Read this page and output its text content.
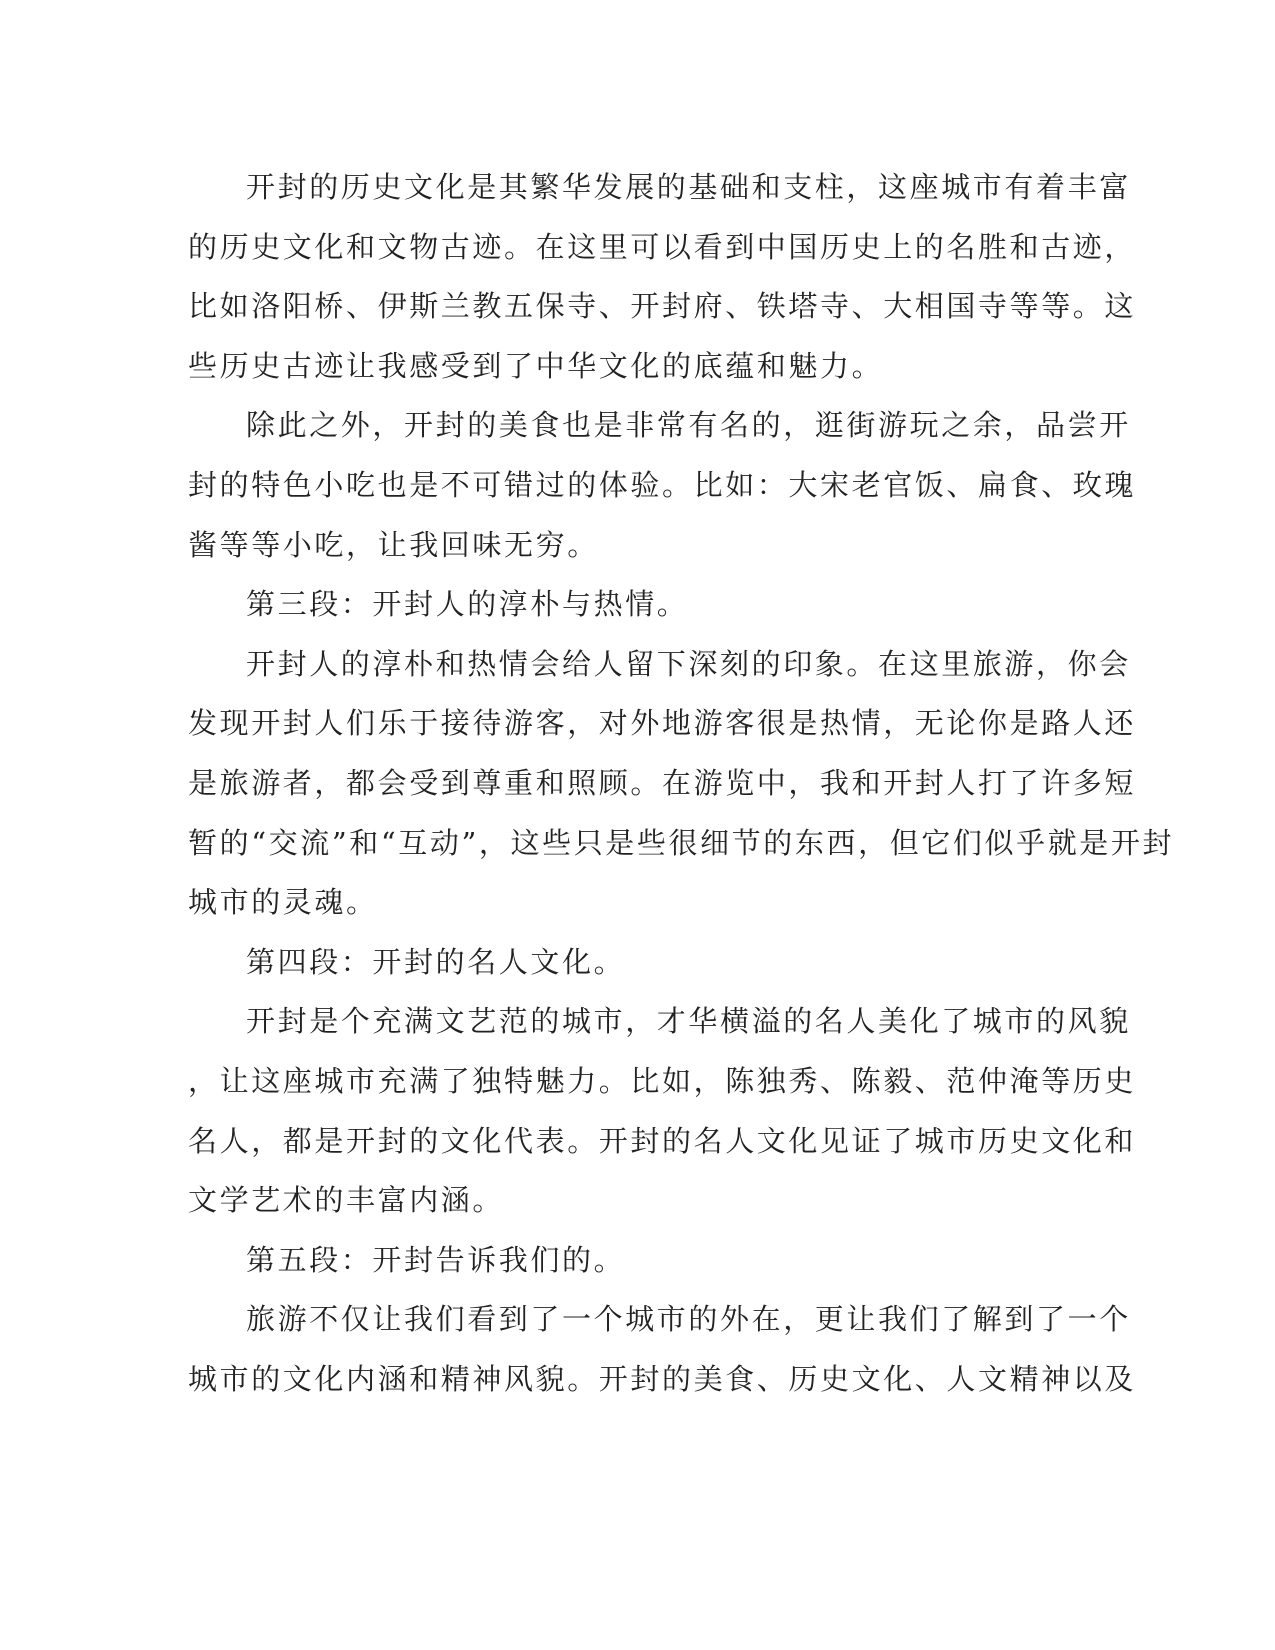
开封的历史文化是其繁华发展的基础和支柱，这座城市有着丰富
的历史文化和文物古迹。在这里可以看到中国历史上的名胜和古迹，
比如洛阳桥、伊斯兰教五保寺、开封府、铁塔寺、大相国寺等等。这
些历史古迹让我感受到了中华文化的底蕴和魅力。

除此之外，开封的美食也是非常有名的，逛街游玩之余，品尝开
封的特色小吃也是不可错过的体验。比如：大宋老官饭、扁食、玫瑰
酱等等小吃，让我回味无穷。

第三段：开封人的淳朴与热情。

开封人的淳朴和热情会给人留下深刻的印象。在这里旅游，你会
发现开封人们乐于接待游客，对外地游客很是热情，无论你是路人还
是旅游者，都会受到尊重和照顾。在游览中，我和开封人打了许多短
暂的“交流”和“互动”，这些只是些很细节的东西，但它们似乎就是开封
城市的灵魂。

第四段：开封的名人文化。

开封是个充满文艺范的城市，才华横溢的名人美化了城市的风貌
，让这座城市充满了独特魅力。比如，陈独秀、陈毅、范仲淹等历史
名人，都是开封的文化代表。开封的名人文化见证了城市历史文化和
文学艺术的丰富内涵。

第五段：开封告诉我们的。

旅游不仅让我们看到了一个城市的外在，更让我们了解到了一个
城市的文化内涵和精神风貌。开封的美食、历史文化、人文精神以及
